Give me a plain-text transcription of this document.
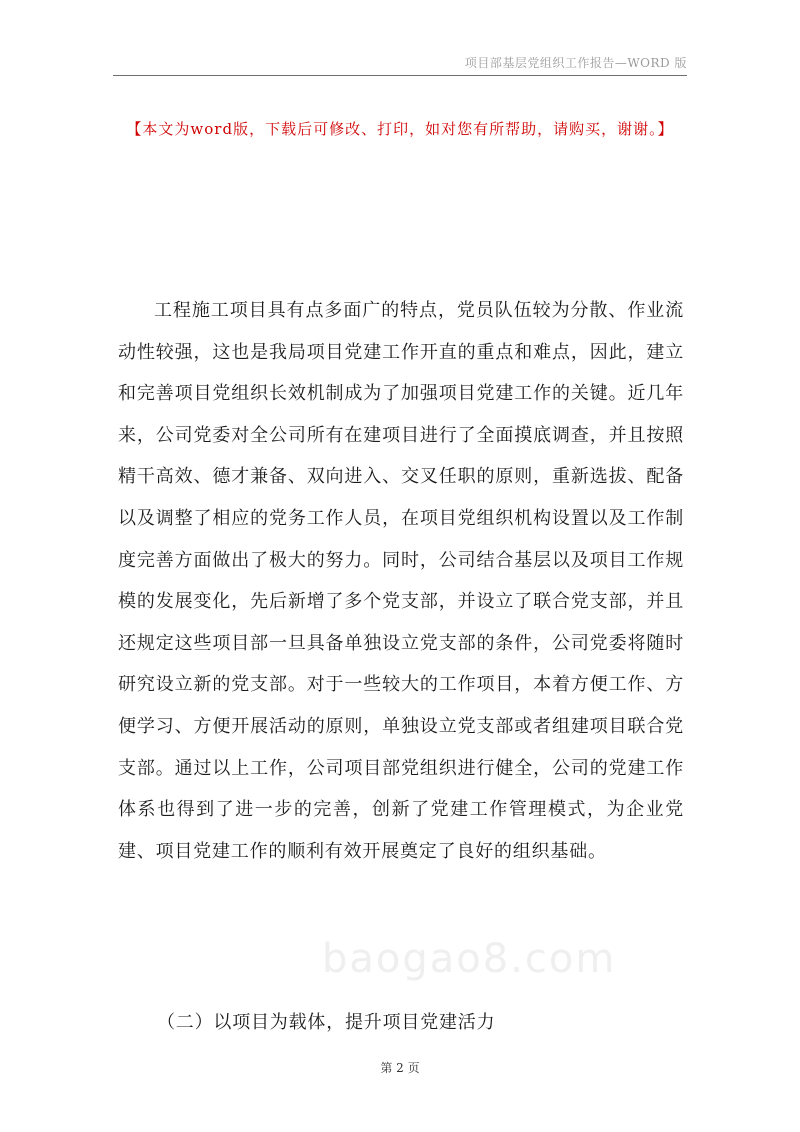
项目部基层党组织工作报告—WORD 版
【本文为word版，下载后可修改、打印，如对您有所帮助，请购买，谢谢。】

工程施工项目具有点多面广的特点，党员队伍较为分散、作业流动性较强，这也是我局项目党建工作开直的重点和难点，因此，建立和完善项目党组织长效机制成为了加强项目党建工作的关键。近几年来，公司党委对全公司所有在建项目进行了全面摸底调查，并且按照精干高效、德才兼备、双向进入、交叉任职的原则，重新选拔、配备以及调整了相应的党务工作人员，在项目党组织机构设置以及工作制度完善方面做出了极大的努力。同时，公司结合基层以及项目工作规模的发展变化，先后新增了多个党支部，并设立了联合党支部，并且还规定这些项目部一旦具备单独设立党支部的条件，公司党委将随时研究设立新的党支部。对于一些较大的工作项目，本着方便工作、方便学习、方便开展活动的原则，单独设立党支部或者组建项目联合党支部。通过以上工作，公司项目部党组织进行健全，公司的党建工作体系也得到了进一步的完善，创新了党建工作管理模式，为企业党建、项目党建工作的顺利有效开展奠定了良好的组织基础。

baogao8.com
（二）以项目为载体，提升项目党建活力
第 2 页
